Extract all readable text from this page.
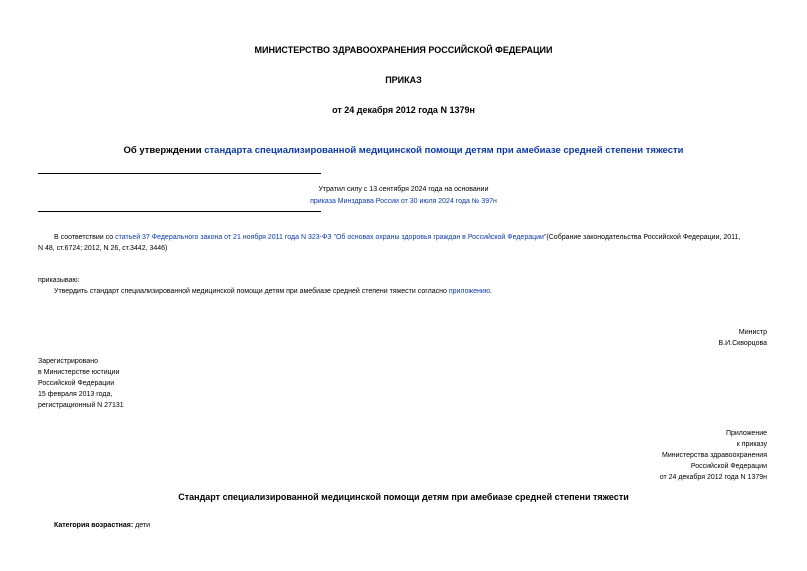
МИНИСТЕРСТВО ЗДРАВООХРАНЕНИЯ РОССИЙСКОЙ ФЕДЕРАЦИИ
ПРИКАЗ
от 24 декабря 2012 года N 1379н
Об утверждении стандарта специализированной медицинской помощи детям при амебиазе средней степени тяжести
Утратил силу с 13 сентября 2024 года на основании
приказа Минздрава России от 30 июля 2024 года № 397н
В соответствии со статьей 37 Федерального закона от 21 ноября 2011 года N 323-ФЗ "Об основах охраны здоровья граждан в Российской Федерации"(Собрание законодательства Российской Федерации, 2011,
N 48, ст.6724; 2012, N 26, ст.3442, 3446)
приказываю:
Утвердить стандарт специализированной медицинской помощи детям при амебиазе средней степени тяжести согласно приложению.
Министр
В.И.Скворцова
Зарегистрировано
в Министерстве юстиции
Российской Федерации
15 февраля 2013 года,
регистрационный N 27131
Приложение
к приказу
Министерства здравоохранения
Российской Федерации
от 24 декабря 2012 года N 1379н
Стандарт специализированной медицинской помощи детям при амебиазе средней степени тяжести
Категория возрастная: дети
